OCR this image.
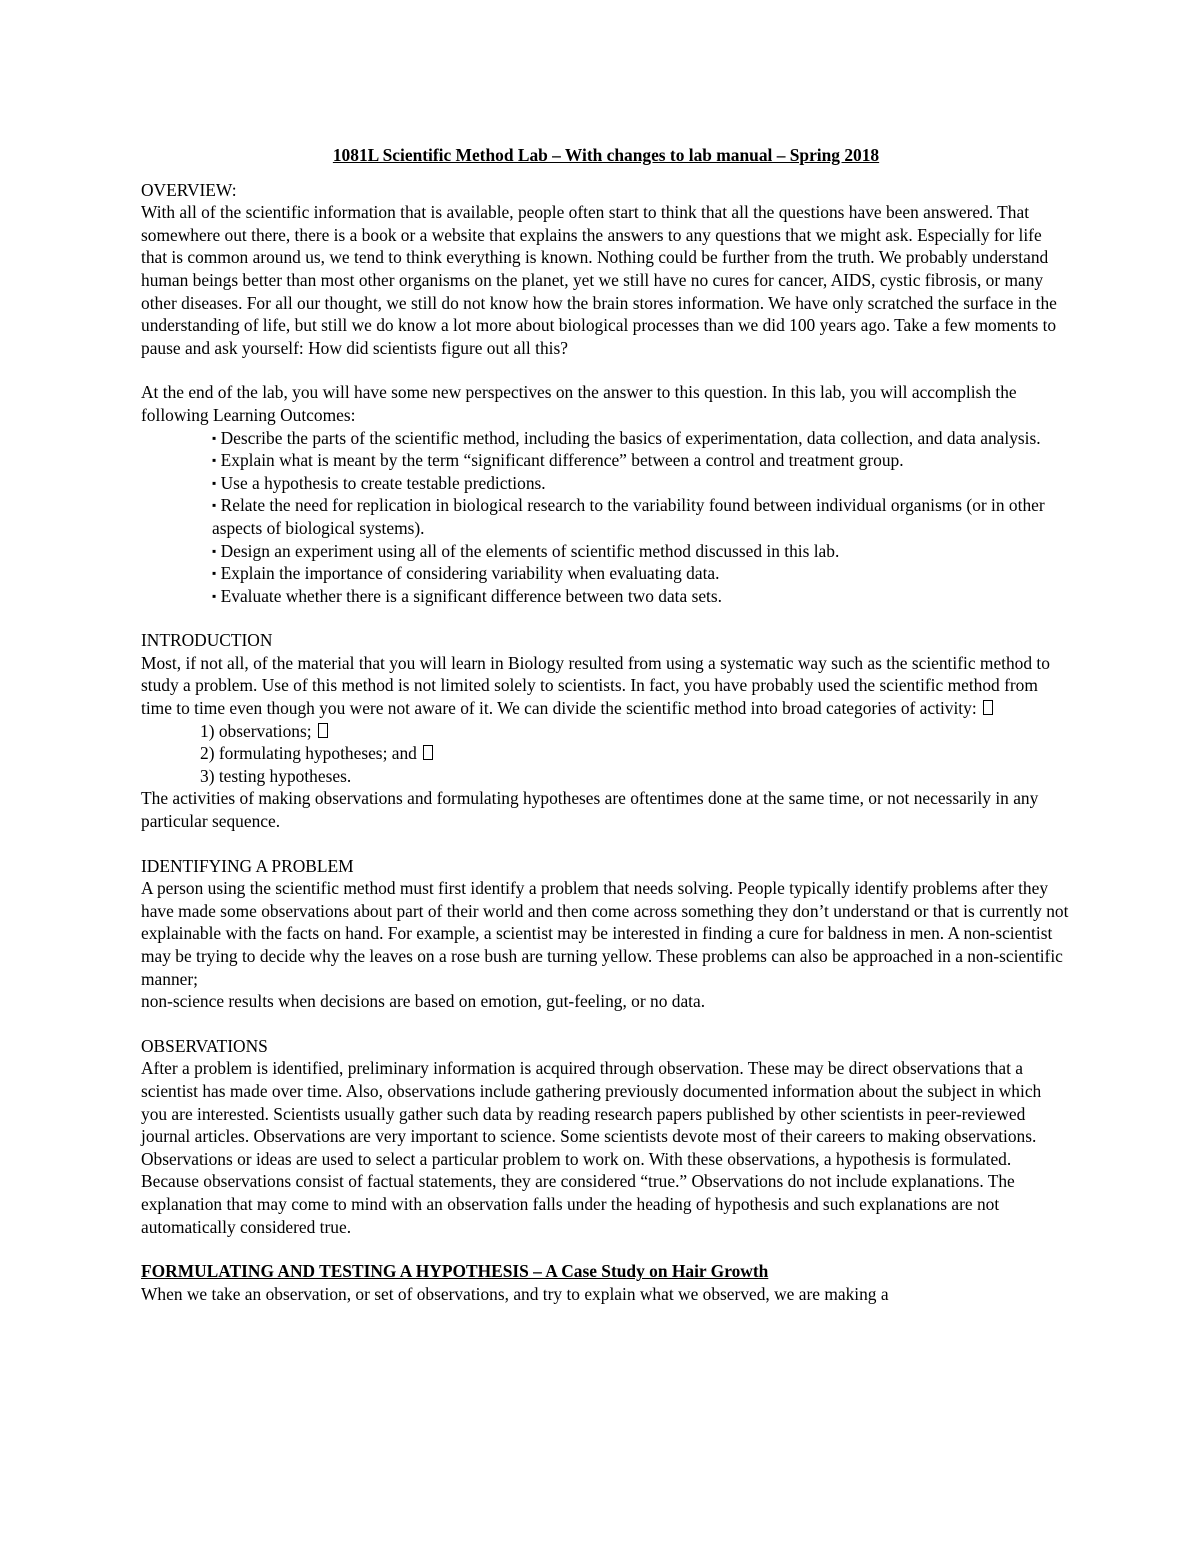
1081L Scientific Method Lab – With changes to lab manual – Spring 2018

OVERVIEW:

With all of the scientific information that is available, people often start to think that all the questions have been answered. That somewhere out there, there is a book or a website that explains the answers to any questions that we might ask. Especially for life that is common around us, we tend to think everything is known. Nothing could be further from the truth. We probably understand human beings better than most other organisms on the planet, yet we still have no cures for cancer, AIDS, cystic fibrosis, or many other diseases. For all our thought, we still do not know how the brain stores information. We have only scratched the surface in the understanding of life, but still we do know a lot more about biological processes than we did 100 years ago. Take a few moments to pause and ask yourself: How did scientists figure out all this?

At the end of the lab, you will have some new perspectives on the answer to this question. In this lab, you will accomplish the following Learning Outcomes:

▪ Describe the parts of the scientific method, including the basics of experimentation, data collection, and data analysis.
▪ Explain what is meant by the term “significant difference” between a control and treatment group.
▪ Use a hypothesis to create testable predictions.
▪ Relate the need for replication in biological research to the variability found between individual organisms (or in other aspects of biological systems).
▪ Design an experiment using all of the elements of scientific method discussed in this lab.
▪ Explain the importance of considering variability when evaluating data.
▪ Evaluate whether there is a significant difference between two data sets.

INTRODUCTION

Most, if not all, of the material that you will learn in Biology resulted from using a systematic way such as the scientific method to study a problem. Use of this method is not limited solely to scientists. In fact, you have probably used the scientific method from time to time even though you were not aware of it. We can divide the scientific method into broad categories of activity:

1) observations;
2) formulating hypotheses; and
3) testing hypotheses.

The activities of making observations and formulating hypotheses are oftentimes done at the same time, or not necessarily in any particular sequence.

IDENTIFYING A PROBLEM

A person using the scientific method must first identify a problem that needs solving. People typically identify problems after they have made some observations about part of their world and then come across something they don’t understand or that is currently not explainable with the facts on hand. For example, a scientist may be interested in finding a cure for baldness in men. A non-scientist may be trying to decide why the leaves on a rose bush are turning yellow. These problems can also be approached in a non-scientific manner;

non-science results when decisions are based on emotion, gut-feeling, or no data.

OBSERVATIONS

After a problem is identified, preliminary information is acquired through observation. These may be direct observations that a scientist has made over time. Also, observations include gathering previously documented information about the subject in which you are interested. Scientists usually gather such data by reading research papers published by other scientists in peer-reviewed journal articles. Observations are very important to science. Some scientists devote most of their careers to making observations. Observations or ideas are used to select a particular problem to work on. With these observations, a hypothesis is formulated. Because observations consist of factual statements, they are considered “true.” Observations do not include explanations. The explanation that may come to mind with an observation falls under the heading of hypothesis and such explanations are not automatically considered true.

FORMULATING AND TESTING A HYPOTHESIS – A Case Study on Hair Growth

When we take an observation, or set of observations, and try to explain what we observed, we are making a
